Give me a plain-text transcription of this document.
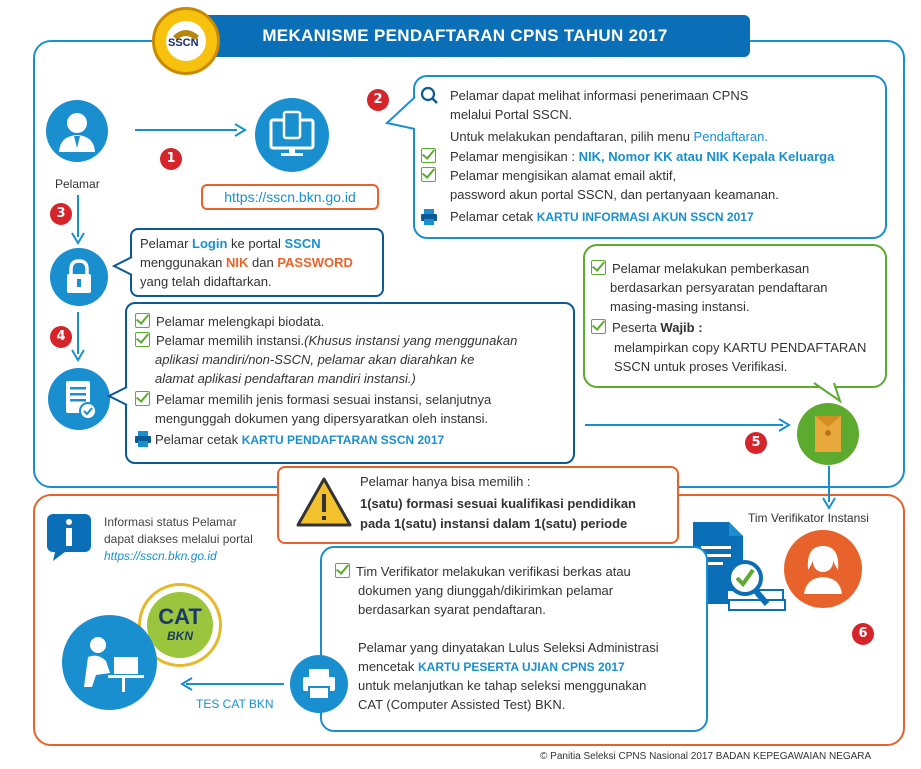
MEKANISME PENDAFTARAN CPNS TAHUN 2017
SSCN
1
2
3
4
5
6
Pelamar
https://sscn.bkn.go.id
Pelamar dapat melihat informasi penerimaan CPNS
melalui Portal SSCN.
Untuk melakukan pendaftaran, pilih menu Pendaftaran.
Pelamar mengisikan : NIK, Nomor KK atau NIK Kepala Keluarga
Pelamar mengisikan alamat email aktif,
password akun portal SSCN, dan pertanyaan keamanan.
Pelamar cetak KARTU INFORMASI AKUN SSCN 2017
Pelamar Login ke portal SSCN
menggunakan NIK dan PASSWORD
yang telah didaftarkan.
Pelamar melengkapi biodata.
Pelamar memilih instansi.(Khusus instansi yang menggunakan
aplikasi mandiri/non-SSCN, pelamar akan diarahkan ke
alamat aplikasi pendaftaran mandiri instansi.)
Pelamar memilih jenis formasi sesuai instansi, selanjutnya
mengunggah dokumen yang dipersyaratkan oleh instansi.
Pelamar cetak KARTU PENDAFTARAN SSCN 2017
Pelamar melakukan pemberkasan
berdasarkan persyaratan pendaftaran
masing-masing instansi.
Peserta Wajib :
melampirkan copy KARTU PENDAFTARAN
SSCN untuk proses Verifikasi.
Pelamar hanya bisa memilih :
1(satu) formasi sesuai kualifikasi pendidikan
pada 1(satu) instansi dalam 1(satu) periode
Informasi status Pelamar
dapat diakses melalui portal
https://sscn.bkn.go.id
Tim Verifikator Instansi
Tim Verifikator melakukan verifikasi berkas atau
dokumen yang diunggah/dikirimkan pelamar
berdasarkan syarat pendaftaran.
Pelamar yang dinyatakan Lulus Seleksi Administrasi
mencetak KARTU PESERTA UJIAN CPNS 2017
untuk melanjutkan ke tahap seleksi menggunakan
CAT (Computer Assisted Test) BKN.
TES CAT BKN
CAT
BKN
© Panitia Seleksi CPNS Nasional 2017 BADAN KEPEGAWAIAN NEGARA
